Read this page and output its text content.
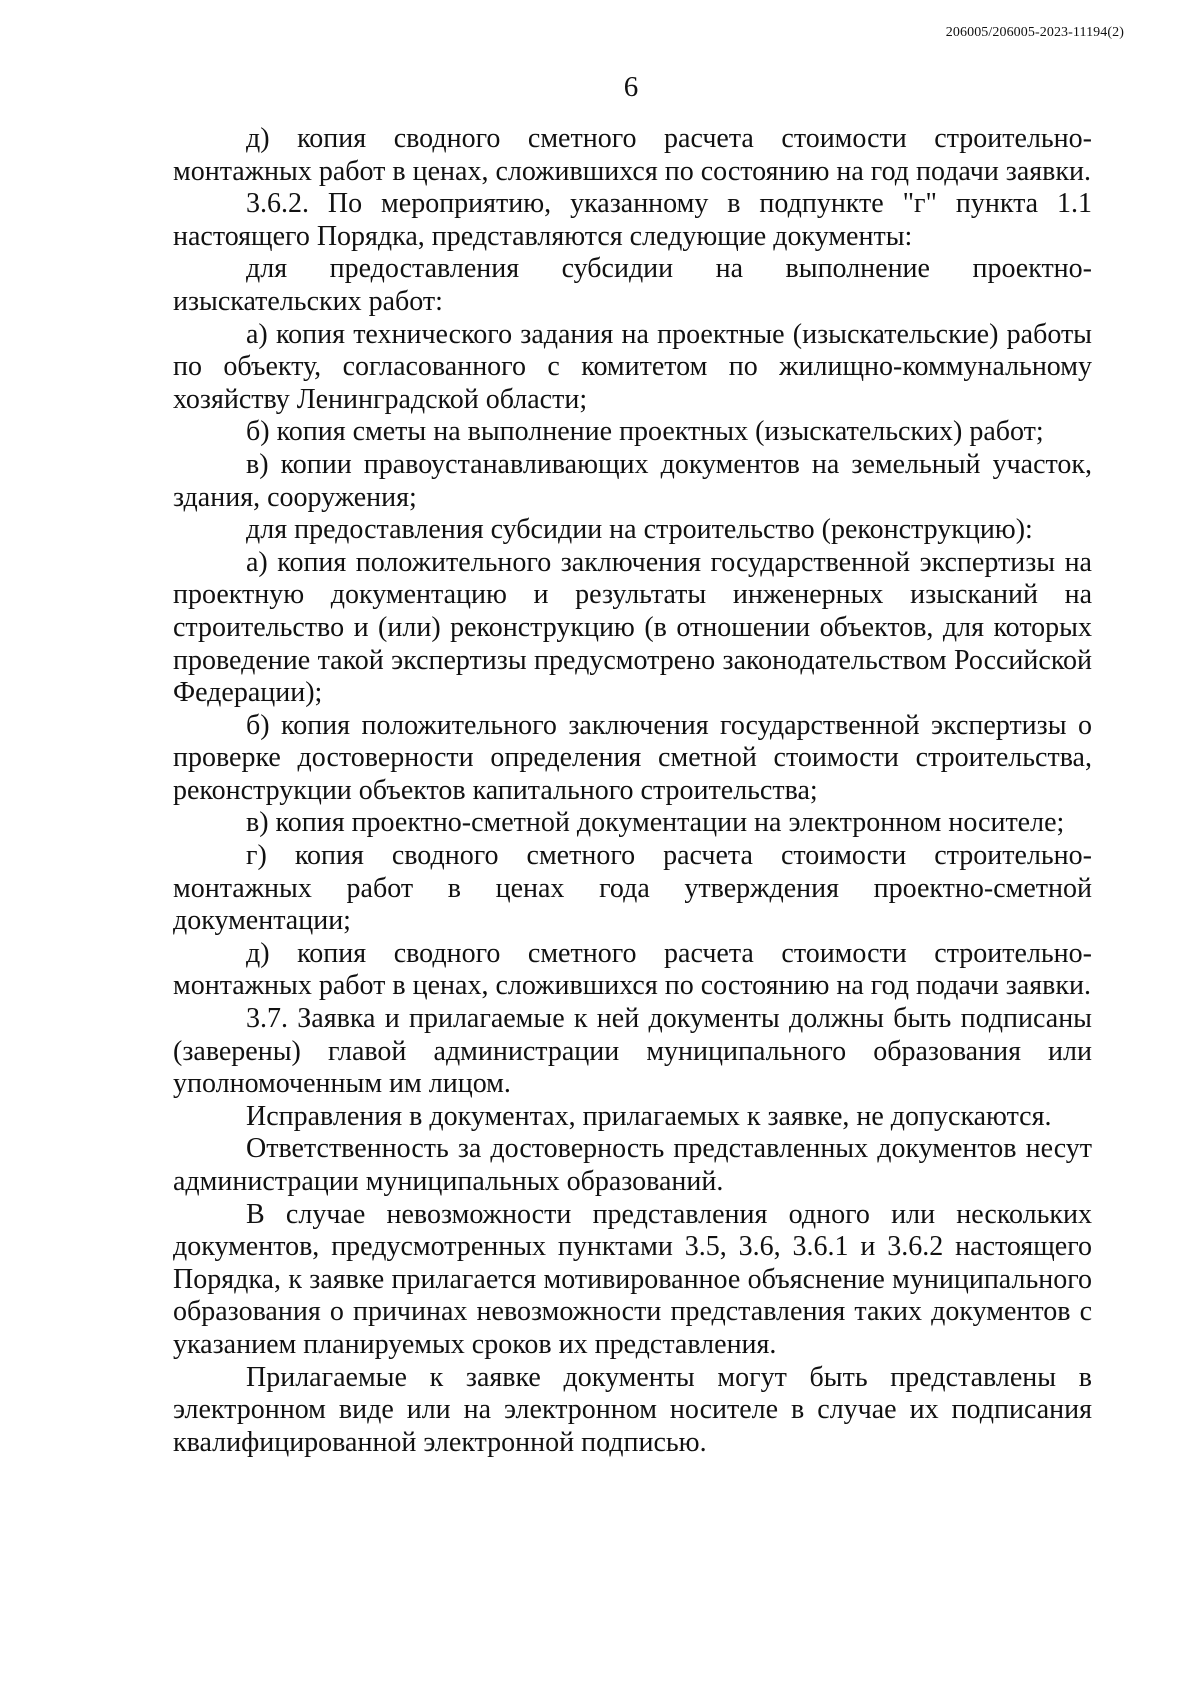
206005/206005-2023-11194(2)
6

д) копия сводного сметного расчета стоимости строительно-монтажных работ в ценах, сложившихся по состоянию на год подачи заявки.

3.6.2. По мероприятию, указанному в подпункте "г" пункта 1.1 настоящего Порядка, представляются следующие документы:

для предоставления субсидии на выполнение проектно-изыскательских работ:

а) копия технического задания на проектные (изыскательские) работы по объекту, согласованного с комитетом по жилищно-коммунальному хозяйству Ленинградской области;

б) копия сметы на выполнение проектных (изыскательских) работ;

в) копии правоустанавливающих документов на земельный участок, здания, сооружения;

для предоставления субсидии на строительство (реконструкцию):

а) копия положительного заключения государственной экспертизы на проектную документацию и результаты инженерных изысканий на строительство и (или) реконструкцию (в отношении объектов, для которых проведение такой экспертизы предусмотрено законодательством Российской Федерации);

б) копия положительного заключения государственной экспертизы о проверке достоверности определения сметной стоимости строительства, реконструкции объектов капитального строительства;

в) копия проектно-сметной документации на электронном носителе;

г) копия сводного сметного расчета стоимости строительно-монтажных работ в ценах года утверждения проектно-сметной документации;

д) копия сводного сметного расчета стоимости строительно-монтажных работ в ценах, сложившихся по состоянию на год подачи заявки.

3.7. Заявка и прилагаемые к ней документы должны быть подписаны (заверены) главой администрации муниципального образования или уполномоченным им лицом.

Исправления в документах, прилагаемых к заявке, не допускаются.

Ответственность за достоверность представленных документов несут администрации муниципальных образований.

В случае невозможности представления одного или нескольких документов, предусмотренных пунктами 3.5, 3.6, 3.6.1 и 3.6.2 настоящего Порядка, к заявке прилагается мотивированное объяснение муниципального образования о причинах невозможности представления таких документов с указанием планируемых сроков их представления.

Прилагаемые к заявке документы могут быть представлены в электронном виде или на электронном носителе в случае их подписания квалифицированной электронной подписью.
